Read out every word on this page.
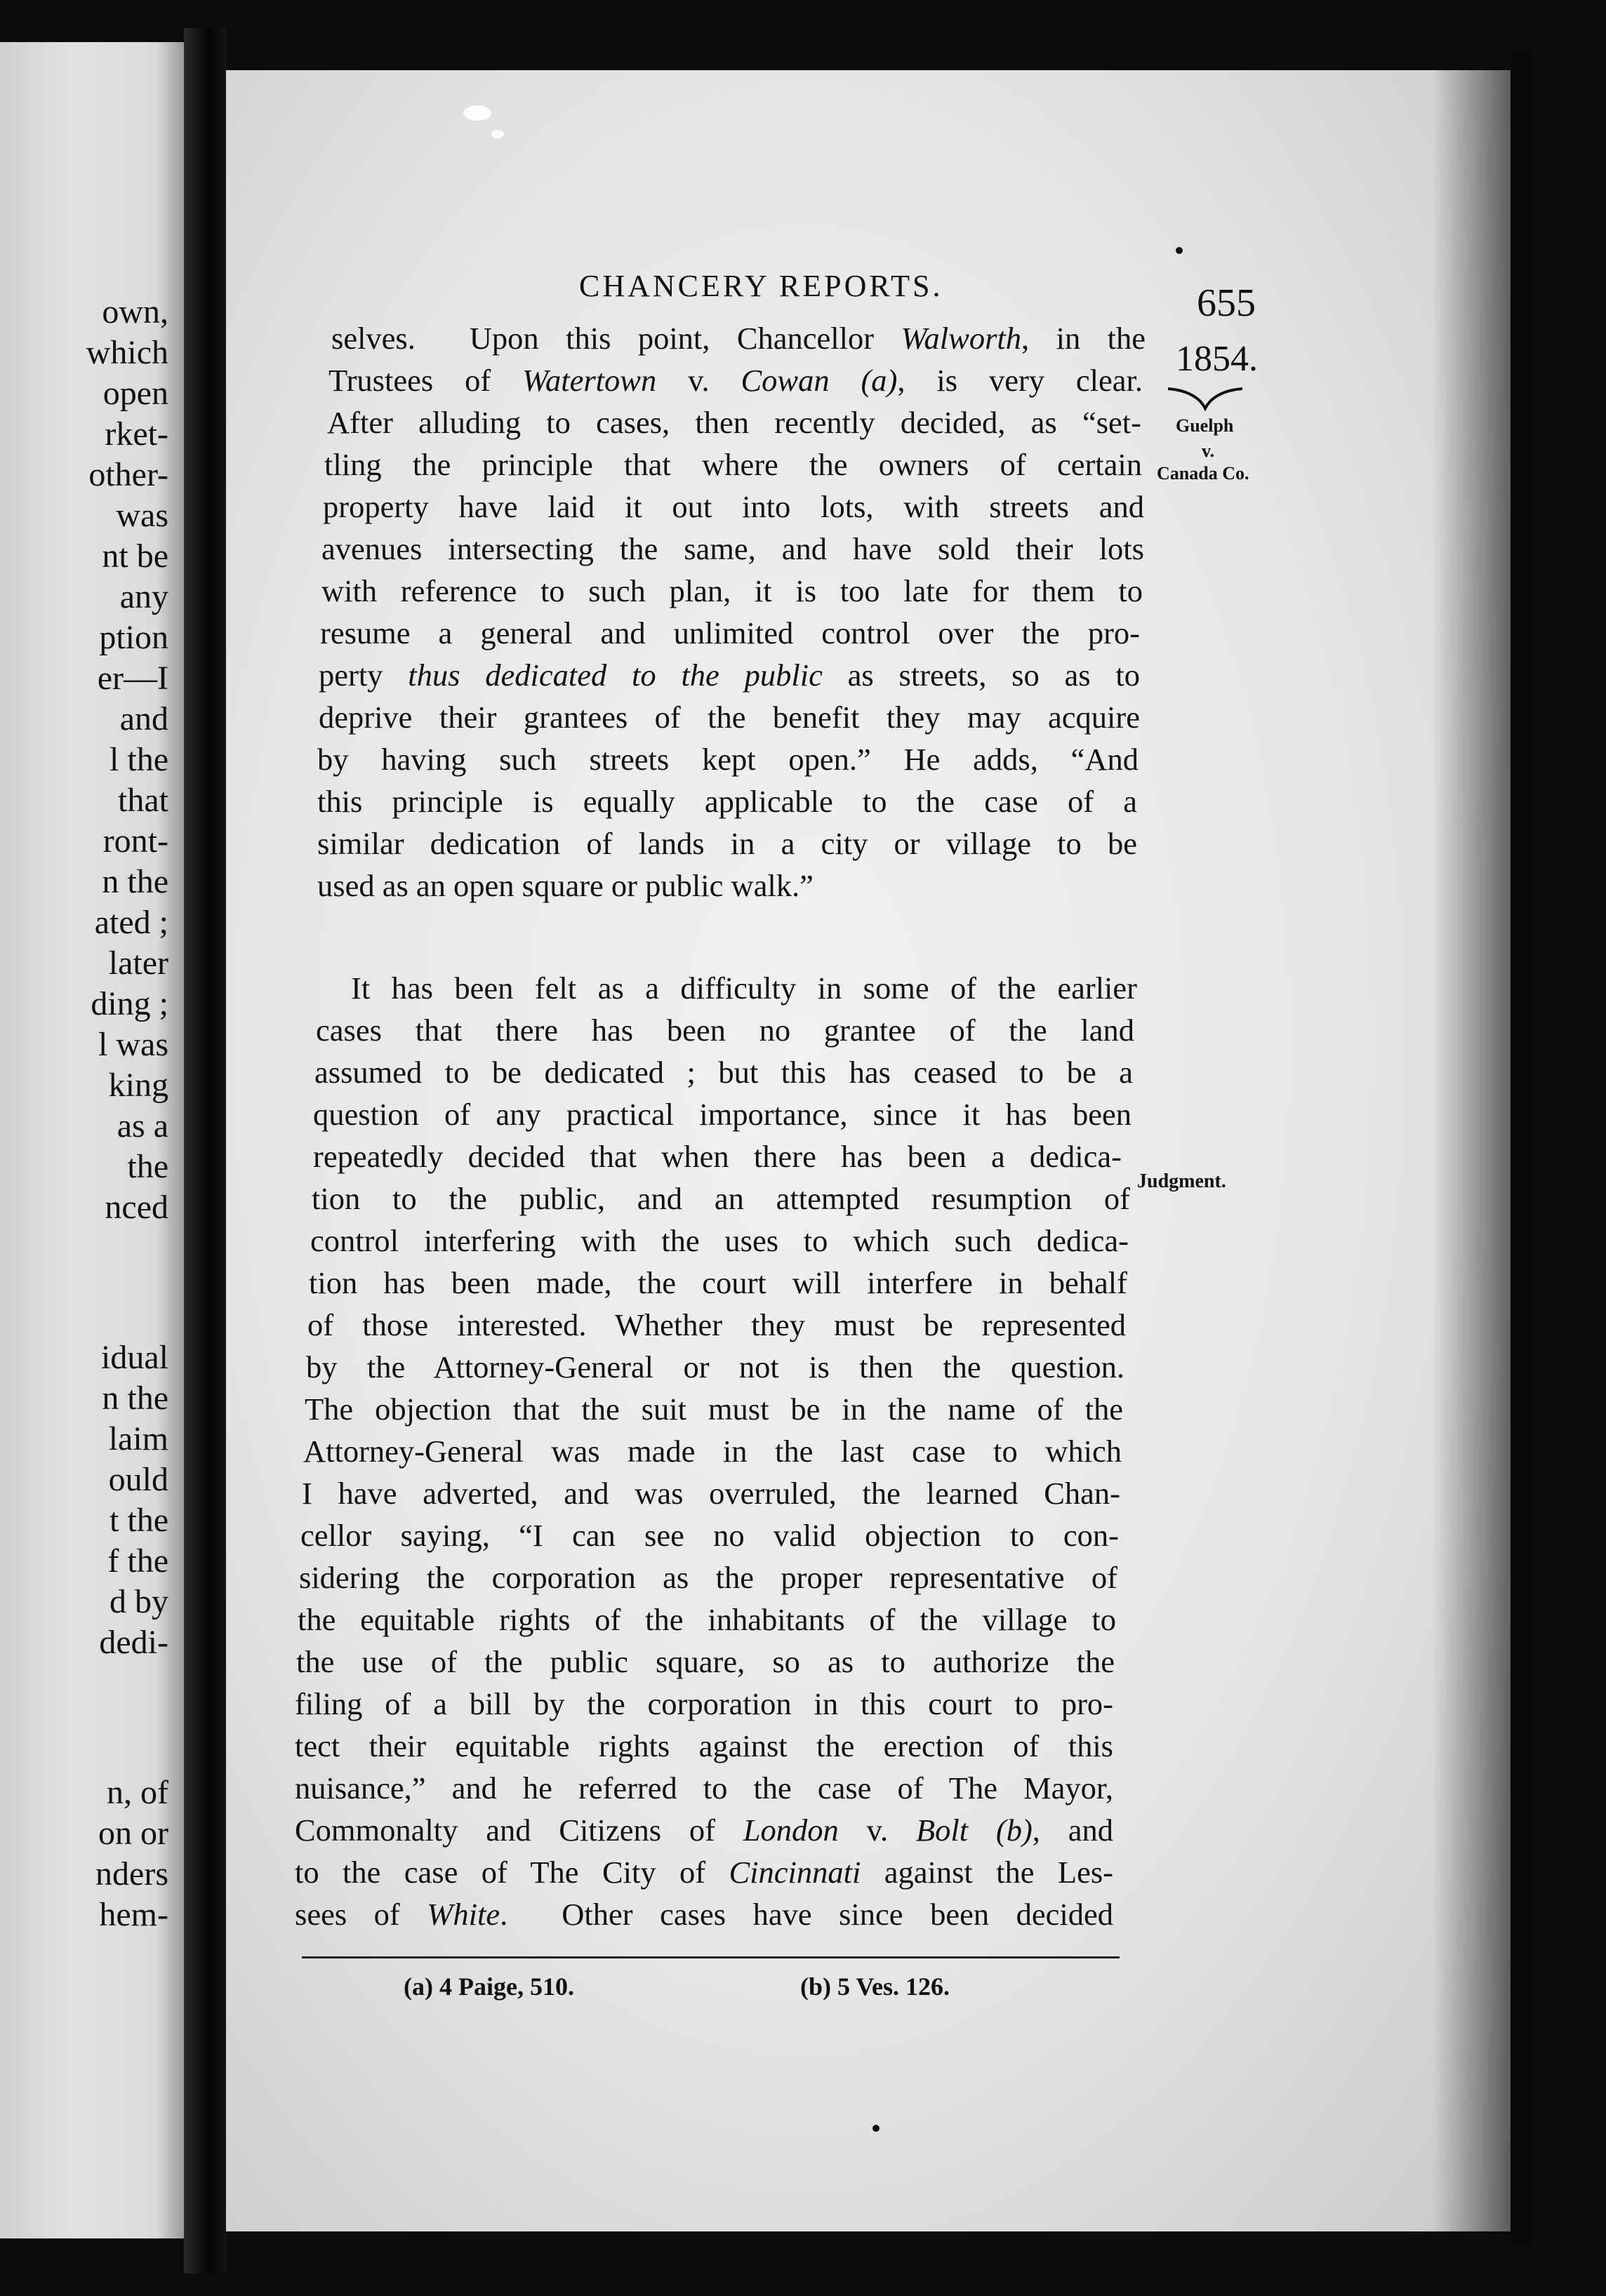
own,
which
open
rket-
other-
was
nt be
any
ption
er—I
and
l the
that
ront-
n the
ated ;
later
ding ;
l was
king
as a
the
nced
idual
n the
laim
ould
t the
f the
d by
dedi-
n, of
on or
nders
hem-
CHANCERY REPORTS.	655
1854.
Guelph
v.
Canada Co.
Judgment.
selves.  Upon this point, Chancellor Walworth, in the
Trustees of Watertown v. Cowan (a), is very clear.
After alluding to cases, then recently decided, as “set-
tling the principle that where the owners of certain
property have laid it out into lots, with streets and
avenues intersecting the same, and have sold their lots
with reference to such plan, it is too late for them to
resume a general and unlimited control over the pro-
perty thus dedicated to the public as streets, so as to
deprive their grantees of the benefit they may acquire
by having such streets kept open.” He adds, “And
this principle is equally applicable to the case of a
similar dedication of lands in a city or village to be
used as an open square or public walk.”
It has been felt as a difficulty in some of the earlier
cases that there has been no grantee of the land
assumed to be dedicated ; but this has ceased to be a
question of any practical importance, since it has been
repeatedly decided that when there has been a dedica-
tion to the public, and an attempted resumption of
control interfering with the uses to which such dedica-
tion has been made, the court will interfere in behalf
of those interested. Whether they must be represented
by the Attorney-General or not is then the question.
The objection that the suit must be in the name of the
Attorney-General was made in the last case to which
I have adverted, and was overruled, the learned Chan-
cellor saying, “I can see no valid objection to con-
sidering the corporation as the proper representative of
the equitable rights of the inhabitants of the village to
the use of the public square, so as to authorize the
filing of a bill by the corporation in this court to pro-
tect their equitable rights against the erection of this
nuisance,” and he referred to the case of The Mayor,
Commonalty and Citizens of London v. Bolt (b), and
to the case of The City of Cincinnati against the Les-
sees of White.  Other cases have since been decided
(a) 4 Paige, 510.	(b) 5 Ves. 126.
